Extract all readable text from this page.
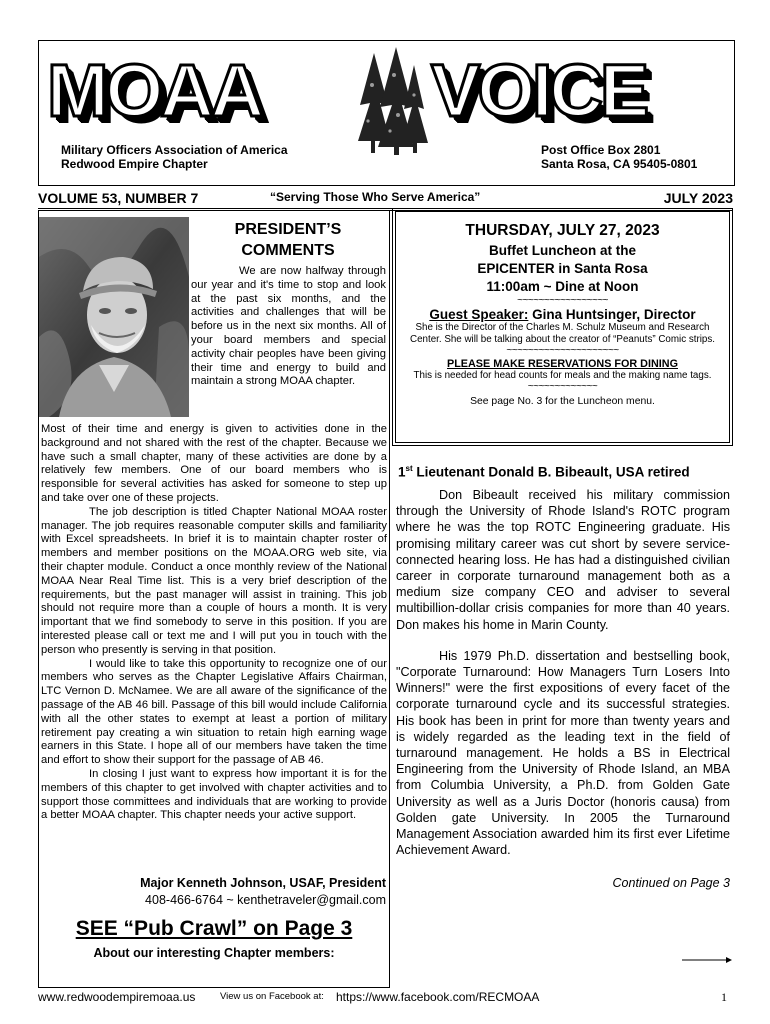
MOAA VOICE
Military Officers Association of America
Redwood Empire Chapter
Post Office Box 2801
Santa Rosa, CA 95405-0801
VOLUME 53, NUMBER 7	“Serving Those Who Serve America”	JULY 2023
PRESIDENT’S
COMMENTS

We are now halfway through our year and it's time to stop and look at the past six months, and the activities and challenges that will be before us in the next six months. All of your board members and special activity chair peoples have been giving their time and energy to build and maintain a strong MOAA chapter.

Most of their time and energy is given to activities done in the background and not shared with the rest of the chapter. Because we have such a small chapter, many of these activities are done by a relatively few members. One of our board members who is responsible for several activities has asked for someone to step up and take over one of these projects.

The job description is titled Chapter National MOAA roster manager. The job requires reasonable computer skills and familiarity with Excel spreadsheets. In brief it is to maintain chapter roster of members and member positions on the MOAA.ORG web site, via their chapter module. Conduct a once monthly review of the National MOAA Near Real Time list. This is a very brief description of the requirements, but the past manager will assist in training. This job should not require more than a couple of hours a month. It is very important that we find somebody to serve in this position. If you are interested please call or text me and I will put you in touch with the person who presently is serving in that position.

I would like to take this opportunity to recognize one of our members who serves as the Chapter Legislative Affairs Chairman, LTC Vernon D. McNamee. We are all aware of the significance of the passage of the AB 46 bill. Passage of this bill would include California with all the other states to exempt at least a portion of military retirement pay creating a win situation to retain high earning wage earners in this State. I hope all of our members have taken the time and effort to show their support for the passage of AB 46.

In closing I just want to express how important it is for the members of this chapter to get involved with chapter activities and to support those committees and individuals that are working to provide a better MOAA chapter. This chapter needs your active support.

Major Kenneth Johnson, USAF, President
408-466-6764 ~ kenthetraveler@gmail.com
SEE “Pub Crawl” on Page 3
About our interesting Chapter members:
THURSDAY, JULY 27, 2023
Buffet Luncheon at the
EPICENTER in Santa Rosa
11:00am ~ Dine at Noon
~~~~~~~~~~~~~~~~~
Guest Speaker: Gina Huntsinger, Director
She is the Director of the Charles M. Schulz Museum and Research Center. She will be talking about the creator of “Peanuts” Comic strips.
~~~~~~~~~~~~~~~~~~~~~
PLEASE MAKE RESERVATIONS FOR DINING
This is needed for head counts for meals and the making name tags.
~~~~~~~~~~~~~
See page No. 3 for the Luncheon menu.
1st Lieutenant Donald B. Bibeault, USA retired

Don Bibeault received his military commission through the University of Rhode Island's ROTC program where he was the top ROTC Engineering graduate. His promising military career was cut short by severe service-connected hearing loss. He has had a distinguished civilian career in corporate turnaround management both as a medium size company CEO and adviser to several multibillion-dollar crisis companies for more than 40 years. Don makes his home in Marin County.

His 1979 Ph.D. dissertation and bestselling book, "Corporate Turnaround: How Managers Turn Losers Into Winners!" were the first expositions of every facet of the corporate turnaround cycle and its successful strategies. His book has been in print for more than twenty years and is widely regarded as the leading text in the field of turnaround management. He holds a BS in Electrical Engineering from the University of Rhode Island, an MBA from Columbia University, a Ph.D. from Golden Gate University as well as a Juris Doctor (honoris causa) from Golden gate University. In 2005 the Turnaround Management Association awarded him its first ever Lifetime Achievement Award.

Continued on Page 3
www.redwoodempiremoaa.us	View us on Facebook at: https://www.facebook.com/RECMOAA	1
